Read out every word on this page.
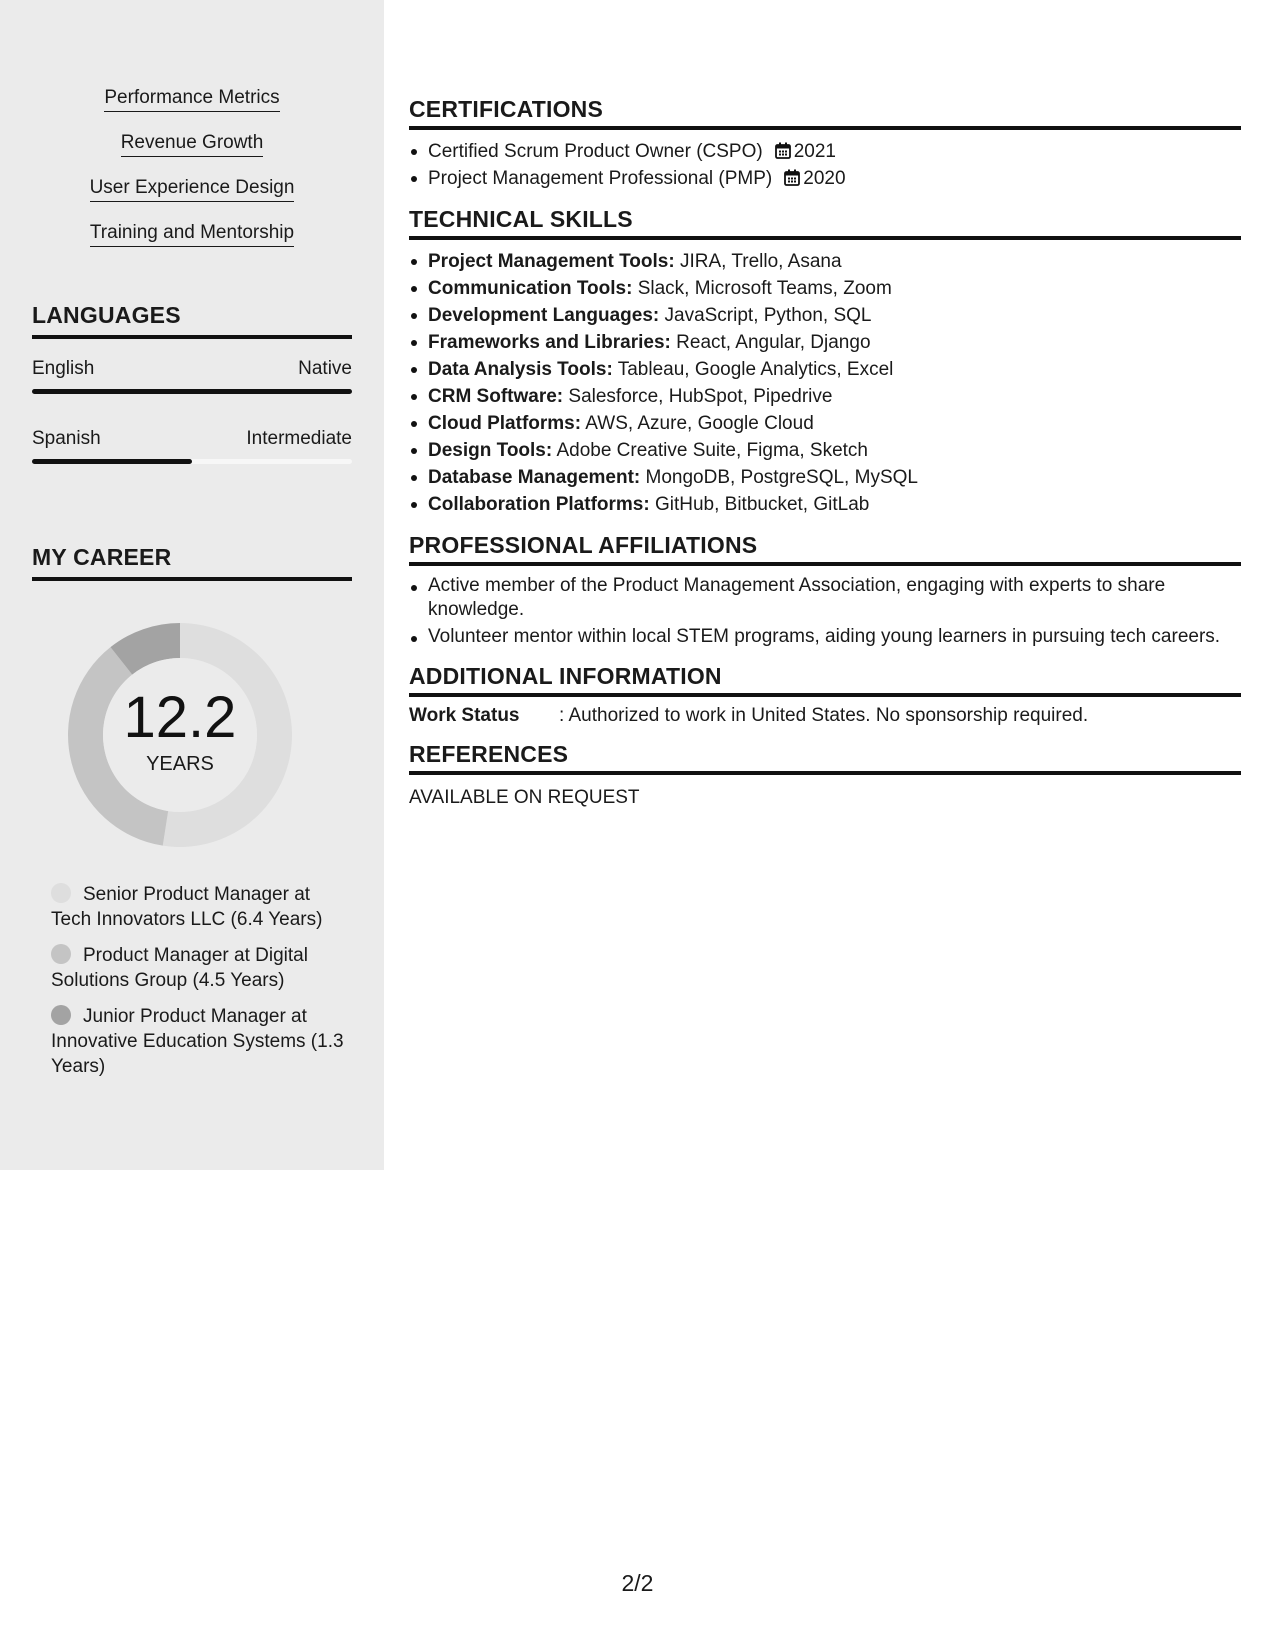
Performance Metrics
Revenue Growth
User Experience Design
Training and Mentorship
LANGUAGES
English	Native
Spanish	Intermediate
MY CAREER
12.2
YEARS
Senior Product Manager at Tech Innovators LLC (6.4 Years)
Product Manager at Digital Solutions Group (4.5 Years)
Junior Product Manager at Innovative Education Systems (1.3 Years)
CERTIFICATIONS
Certified Scrum Product Owner (CSPO) 2021
Project Management Professional (PMP) 2020
TECHNICAL SKILLS
Project Management Tools: JIRA, Trello, Asana
Communication Tools: Slack, Microsoft Teams, Zoom
Development Languages: JavaScript, Python, SQL
Frameworks and Libraries: React, Angular, Django
Data Analysis Tools: Tableau, Google Analytics, Excel
CRM Software: Salesforce, HubSpot, Pipedrive
Cloud Platforms: AWS, Azure, Google Cloud
Design Tools: Adobe Creative Suite, Figma, Sketch
Database Management: MongoDB, PostgreSQL, MySQL
Collaboration Platforms: GitHub, Bitbucket, GitLab
PROFESSIONAL AFFILIATIONS
Active member of the Product Management Association, engaging with experts to share knowledge.
Volunteer mentor within local STEM programs, aiding young learners in pursuing tech careers.
ADDITIONAL INFORMATION
Work Status	: Authorized to work in United States. No sponsorship required.
REFERENCES
AVAILABLE ON REQUEST
2/2
